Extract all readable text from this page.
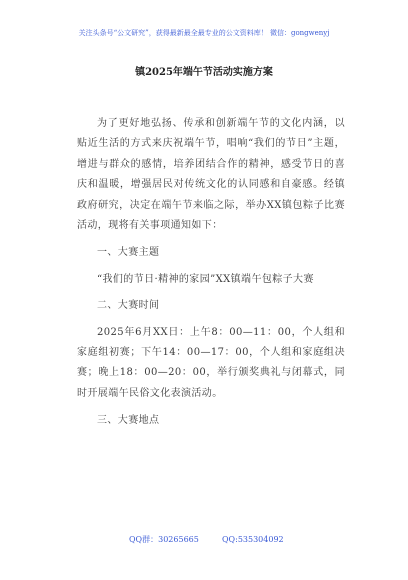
关注头条号“公文研究”，获得最新最全最专业的公文资料库！ 微信：gongwenyj
镇2025年端午节活动实施方案

为了更好地弘扬、传承和创新端午节的文化内涵，以贴近生活的方式来庆祝端午节，唱响“我们的节日”主题，增进与群众的感情，培养团结合作的精神，感受节日的喜庆和温暖，增强居民对传统文化的认同感和自豪感。经镇政府研究，决定在端午节来临之际，举办XX镇包粽子比赛活动，现将有关事项通知如下：

一、大赛主题

“我们的节日·精神的家园”XX镇端午包粽子大赛

二、大赛时间

2025年6月XX日：上午8：00—11：00，个人组和家庭组初赛；下午14：00—17：00，个人组和家庭组决赛；晚上18：00—20：00，举行颁奖典礼与闭幕式，同时开展端午民俗文化表演活动。

三、大赛地点

QQ群：30265665	QQ:535304092
